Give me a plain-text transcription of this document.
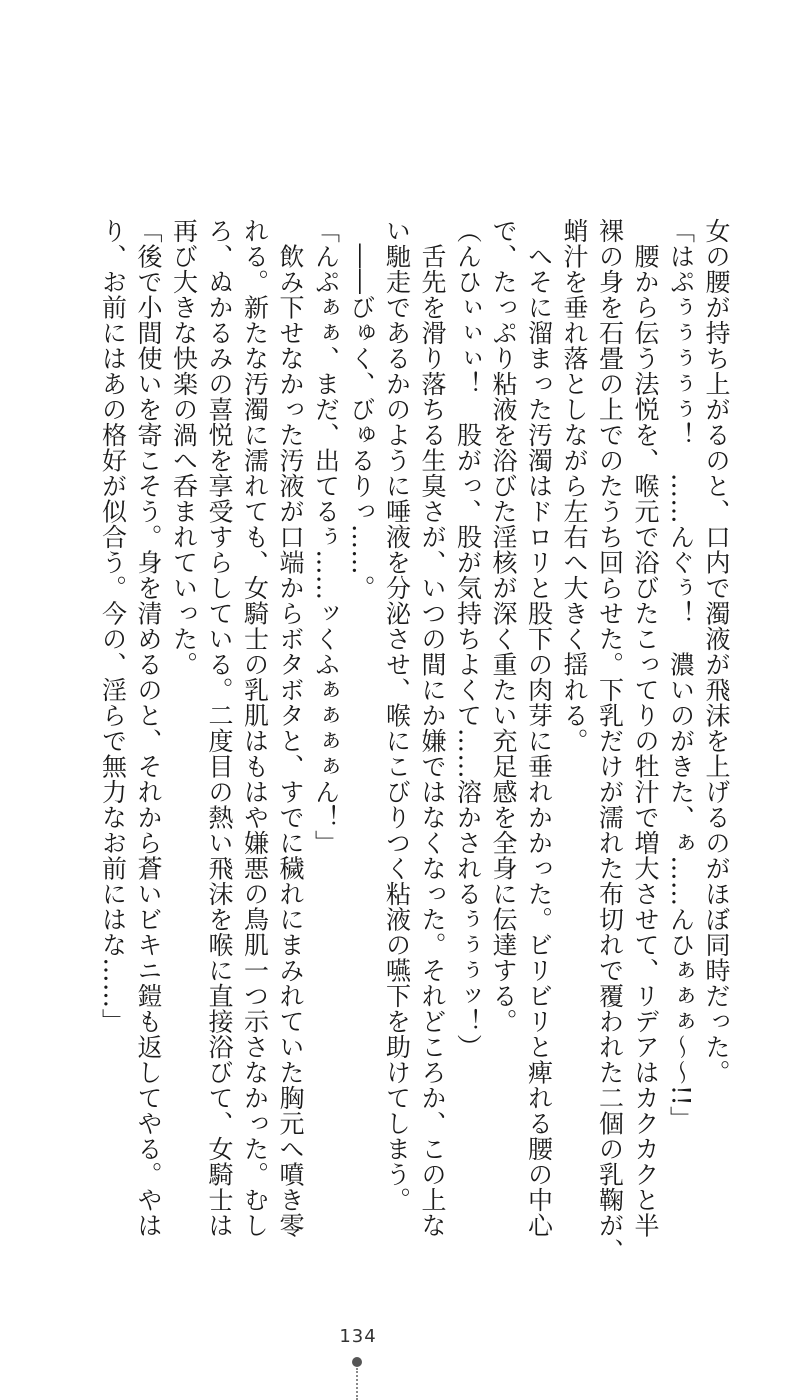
女の腰が持ち上がるのと、口内で濁液が飛沫を上げるのがほぼ同時だった。
「はぷぅぅぅぅぅ！　……んぐぅ！　濃いのがきた、ぁ……んひぁぁぁ〜〜!!」
　腰から伝う法悦を、喉元で浴びたこってりの牡汁で増大させて、リデアはカクカクと半
裸の身を石畳の上でのたうち回らせた。下乳だけが濡れた布切れで覆われた二個の乳鞠が、
蛸汁を垂れ落としながら左右へ大きく揺れる。
　へそに溜まった汚濁はドロリと股下の肉芽に垂れかかった。ビリビリと痺れる腰の中心
で、たっぷり粘液を浴びた淫核が深く重たい充足感を全身に伝達する。
（んひぃぃぃ！　股がっ、股が気持ちよくて……溶かされるぅぅぅッ！）
　舌先を滑り落ちる生臭さが、いつの間にか嫌ではなくなった。それどころか、この上な
い馳走であるかのように唾液を分泌させ、喉にこびりつく粘液の嚥下を助けてしまう。
　――びゅく、びゅるりっ……。
「んぷぁぁ、まだ、出てるぅ……ッくふぁぁぁぁん！」
　飲み下せなかった汚液が口端からボタボタと、すでに穢れにまみれていた胸元へ噴き零
れる。新たな汚濁に濡れても、女騎士の乳肌はもはや嫌悪の鳥肌一つ示さなかった。むし
ろ、ぬかるみの喜悦を享受すらしている。二度目の熱い飛沫を喉に直接浴びて、女騎士は
再び大きな快楽の渦へ呑まれていった。
「後で小間使いを寄こそう。身を清めるのと、それから蒼いビキニ鎧も返してやる。やは
り、お前にはあの格好が似合う。今の、淫らで無力なお前にはな……」
134
